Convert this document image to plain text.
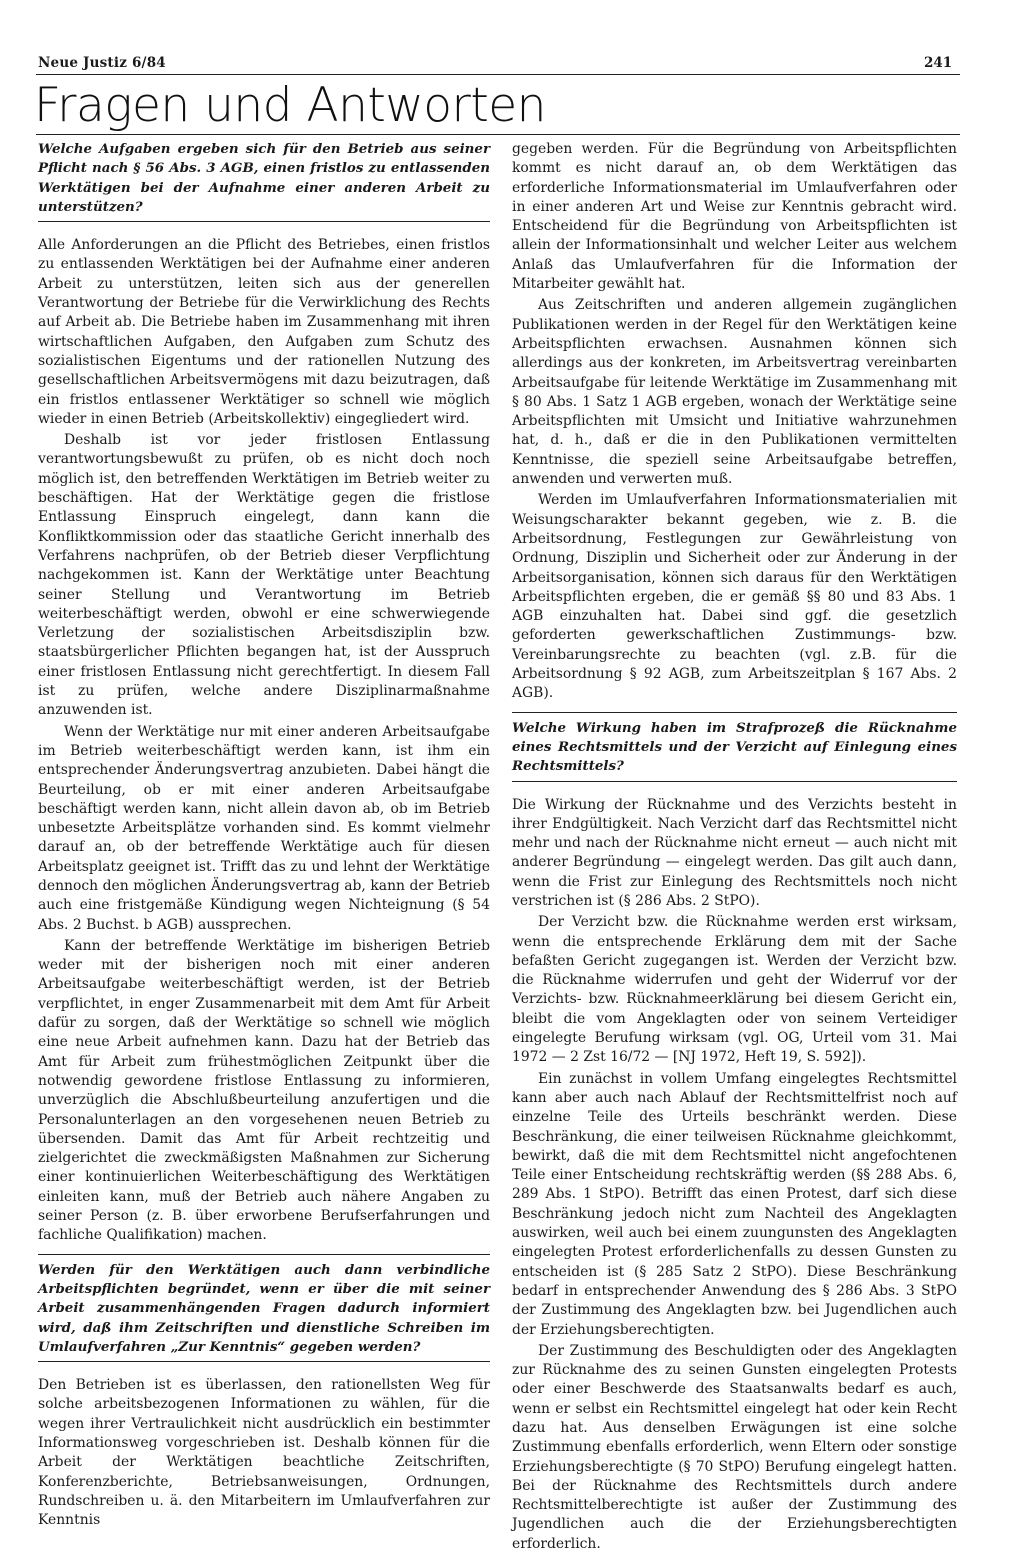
Neue Justiz 6/84	241
Fragen und Antworten

Welche Aufgaben ergeben sich für den Betrieb aus seiner Pflicht nach § 56 Abs. 3 AGB, einen fristlos zu entlassenden Werktätigen bei der Aufnahme einer anderen Arbeit zu unterstützen?

Alle Anforderungen an die Pflicht des Betriebes, einen fristlos zu entlassenden Werktätigen bei der Aufnahme einer anderen Arbeit zu unterstützen, leiten sich aus der generellen Verantwortung der Betriebe für die Verwirklichung des Rechts auf Arbeit ab. Die Betriebe haben im Zusammenhang mit ihren wirtschaftlichen Aufgaben, den Aufgaben zum Schutz des sozialistischen Eigentums und der rationellen Nutzung des gesellschaftlichen Arbeitsvermögens mit dazu beizutragen, daß ein fristlos entlassener Werktätiger so schnell wie möglich wieder in einen Betrieb (Arbeitskollektiv) eingegliedert wird.

Deshalb ist vor jeder fristlosen Entlassung verantwortungsbewußt zu prüfen, ob es nicht doch noch möglich ist, den betreffenden Werktätigen im Betrieb weiter zu beschäftigen. Hat der Werktätige gegen die fristlose Entlassung Einspruch eingelegt, dann kann die Konfliktkommission oder das staatliche Gericht innerhalb des Verfahrens nachprüfen, ob der Betrieb dieser Verpflichtung nachgekommen ist. Kann der Werktätige unter Beachtung seiner Stellung und Verantwortung im Betrieb weiterbeschäftigt werden, obwohl er eine schwerwiegende Verletzung der sozialistischen Arbeitsdisziplin bzw. staatsbürgerlicher Pflichten begangen hat, ist der Ausspruch einer fristlosen Entlassung nicht gerechtfertigt. In diesem Fall ist zu prüfen, welche andere Disziplinarmaßnahme anzuwenden ist.

Wenn der Werktätige nur mit einer anderen Arbeitsaufgabe im Betrieb weiterbeschäftigt werden kann, ist ihm ein entsprechender Änderungsvertrag anzubieten. Dabei hängt die Beurteilung, ob er mit einer anderen Arbeitsaufgabe beschäftigt werden kann, nicht allein davon ab, ob im Betrieb unbesetzte Arbeitsplätze vorhanden sind. Es kommt vielmehr darauf an, ob der betreffende Werktätige auch für diesen Arbeitsplatz geeignet ist. Trifft das zu und lehnt der Werktätige dennoch den möglichen Änderungsvertrag ab, kann der Betrieb auch eine fristgemäße Kündigung wegen Nichteignung (§ 54 Abs. 2 Buchst. b AGB) aussprechen.

Kann der betreffende Werktätige im bisherigen Betrieb weder mit der bisherigen noch mit einer anderen Arbeitsaufgabe weiterbeschäftigt werden, ist der Betrieb verpflichtet, in enger Zusammenarbeit mit dem Amt für Arbeit dafür zu sorgen, daß der Werktätige so schnell wie möglich eine neue Arbeit aufnehmen kann. Dazu hat der Betrieb das Amt für Arbeit zum frühestmöglichen Zeitpunkt über die notwendig gewordene fristlose Entlassung zu informieren, unverzüglich die Abschlußbeurteilung anzufertigen und die Personalunterlagen an den vorgesehenen neuen Betrieb zu übersenden. Damit das Amt für Arbeit rechtzeitig und zielgerichtet die zweckmäßigsten Maßnahmen zur Sicherung einer kontinuierlichen Weiterbeschäftigung des Werktätigen einleiten kann, muß der Betrieb auch nähere Angaben zu seiner Person (z. B. über erworbene Berufserfahrungen und fachliche Qualifikation) machen.

Werden für den Werktätigen auch dann verbindliche Arbeitspflichten begründet, wenn er über die mit seiner Arbeit zusammenhängenden Fragen dadurch informiert wird, daß ihm Zeitschriften und dienstliche Schreiben im Umlaufverfahren „Zur Kenntnis“ gegeben werden?

Den Betrieben ist es überlassen, den rationellsten Weg für solche arbeitsbezogenen Informationen zu wählen, für die wegen ihrer Vertraulichkeit nicht ausdrücklich ein bestimmter Informationsweg vorgeschrieben ist. Deshalb können für die Arbeit der Werktätigen beachtliche Zeitschriften, Konferenzberichte, Betriebsanweisungen, Ordnungen, Rundschreiben u. ä. den Mitarbeitern im Umlaufverfahren zur Kenntnis

gegeben werden. Für die Begründung von Arbeitspflichten kommt es nicht darauf an, ob dem Werktätigen das erforderliche Informationsmaterial im Umlaufverfahren oder in einer anderen Art und Weise zur Kenntnis gebracht wird. Entscheidend für die Begründung von Arbeitspflichten ist allein der Informationsinhalt und welcher Leiter aus welchem Anlaß das Umlaufverfahren für die Information der Mitarbeiter gewählt hat.

Aus Zeitschriften und anderen allgemein zugänglichen Publikationen werden in der Regel für den Werktätigen keine Arbeitspflichten erwachsen. Ausnahmen können sich allerdings aus der konkreten, im Arbeitsvertrag vereinbarten Arbeitsaufgabe für leitende Werktätige im Zusammenhang mit § 80 Abs. 1 Satz 1 AGB ergeben, wonach der Werktätige seine Arbeitspflichten mit Umsicht und Initiative wahrzunehmen hat, d. h., daß er die in den Publikationen vermittelten Kenntnisse, die speziell seine Arbeitsaufgabe betreffen, anwenden und verwerten muß.

Werden im Umlaufverfahren Informationsmaterialien mit Weisungscharakter bekannt gegeben, wie z. B. die Arbeitsordnung, Festlegungen zur Gewährleistung von Ordnung, Disziplin und Sicherheit oder zur Änderung in der Arbeitsorganisation, können sich daraus für den Werktätigen Arbeitspflichten ergeben, die er gemäß §§ 80 und 83 Abs. 1 AGB einzuhalten hat. Dabei sind ggf. die gesetzlich geforderten gewerkschaftlichen Zustimmungs- bzw. Vereinbarungsrechte zu beachten (vgl. z.B. für die Arbeitsordnung § 92 AGB, zum Arbeitszeitplan § 167 Abs. 2 AGB).

Welche Wirkung haben im Strafprozeß die Rücknahme eines Rechtsmittels und der Verzicht auf Einlegung eines Rechtsmittels?

Die Wirkung der Rücknahme und des Verzichts besteht in ihrer Endgültigkeit. Nach Verzicht darf das Rechtsmittel nicht mehr und nach der Rücknahme nicht erneut — auch nicht mit anderer Begründung — eingelegt werden. Das gilt auch dann, wenn die Frist zur Einlegung des Rechtsmittels noch nicht verstrichen ist (§ 286 Abs. 2 StPO).

Der Verzicht bzw. die Rücknahme werden erst wirksam, wenn die entsprechende Erklärung dem mit der Sache befaßten Gericht zugegangen ist. Werden der Verzicht bzw. die Rücknahme widerrufen und geht der Widerruf vor der Verzichts- bzw. Rücknahmeerklärung bei diesem Gericht ein, bleibt die vom Angeklagten oder von seinem Verteidiger eingelegte Berufung wirksam (vgl. OG, Urteil vom 31. Mai 1972 — 2 Zst 16/72 — [NJ 1972, Heft 19, S. 592]).

Ein zunächst in vollem Umfang eingelegtes Rechtsmittel kann aber auch nach Ablauf der Rechtsmittelfrist noch auf einzelne Teile des Urteils beschränkt werden. Diese Beschränkung, die einer teilweisen Rücknahme gleichkommt, bewirkt, daß die mit dem Rechtsmittel nicht angefochtenen Teile einer Entscheidung rechtskräftig werden (§§ 288 Abs. 6, 289 Abs. 1 StPO). Betrifft das einen Protest, darf sich diese Beschränkung jedoch nicht zum Nachteil des Angeklagten auswirken, weil auch bei einem zuungunsten des Angeklagten eingelegten Protest erforderlichenfalls zu dessen Gunsten zu entscheiden ist (§ 285 Satz 2 StPO). Diese Beschränkung bedarf in entsprechender Anwendung des § 286 Abs. 3 StPO der Zustimmung des Angeklagten bzw. bei Jugendlichen auch der Erziehungsberechtigten.

Der Zustimmung des Beschuldigten oder des Angeklagten zur Rücknahme des zu seinen Gunsten eingelegten Protests oder einer Beschwerde des Staatsanwalts bedarf es auch, wenn er selbst ein Rechtsmittel eingelegt hat oder kein Recht dazu hat. Aus denselben Erwägungen ist eine solche Zustimmung ebenfalls erforderlich, wenn Eltern oder sonstige Erziehungsberechtigte (§ 70 StPO) Berufung eingelegt hatten. Bei der Rücknahme des Rechtsmittels durch andere Rechtsmittelberechtigte ist außer der Zustimmung des Jugendlichen auch die der Erziehungsberechtigten erforderlich.
